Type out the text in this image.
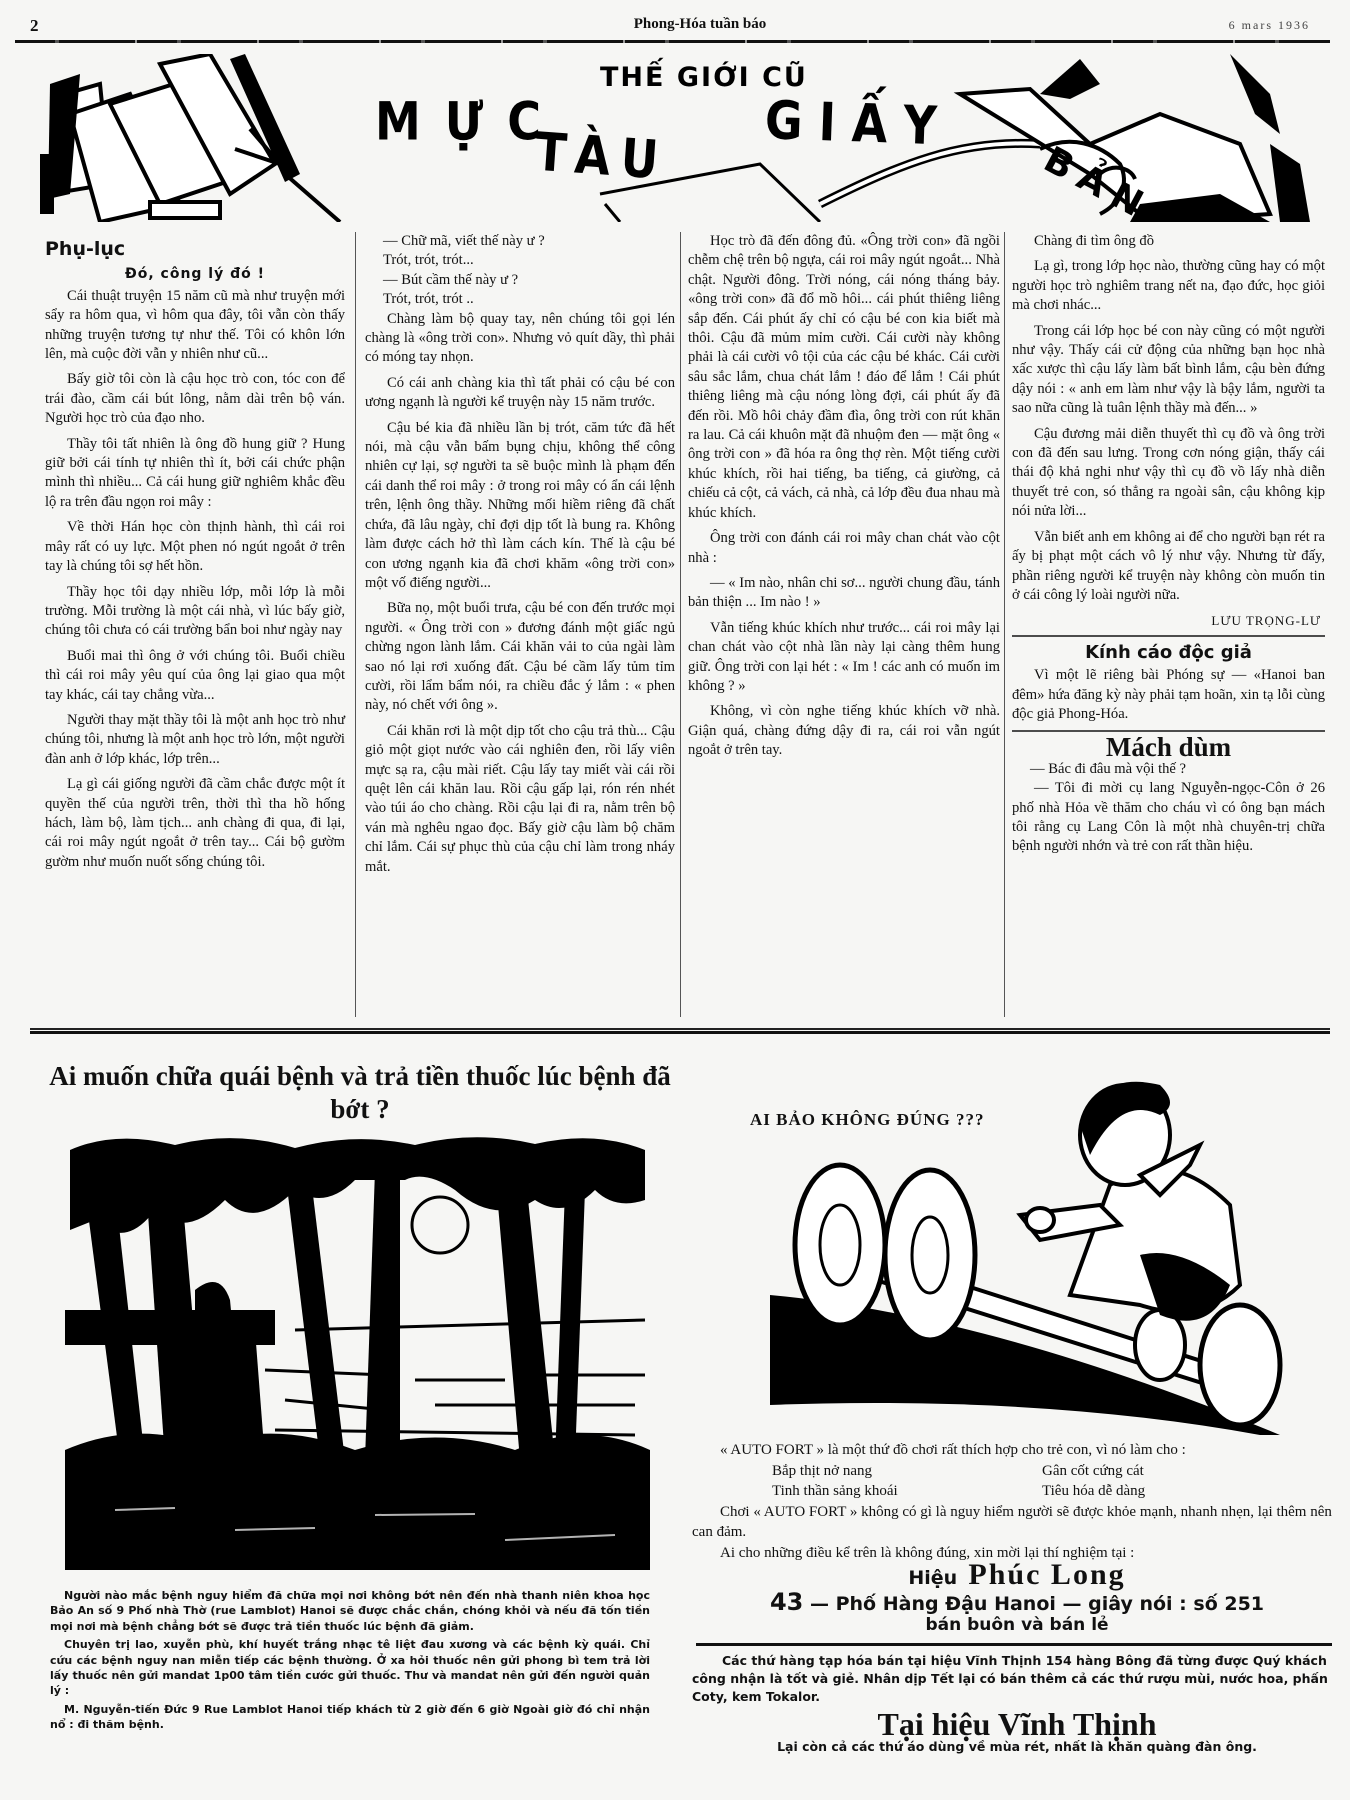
2	Phong-Hóa tuần báo	6 mars 1936
THẾ GIỚI CŨ
MỰC
TÀU GIẤY
BẢN
Phụ-lục
Đó, công lý đó !

Cái thuật truyện 15 năm cũ mà như truyện mới sẩy ra hôm qua, vì hôm qua đây, tôi vẫn còn thấy những truyện tương tự như thế. Tôi có khôn lớn lên, mà cuộc đời vẫn y nhiên như cũ...

Bấy giờ tôi còn là cậu học trò con, tóc con để trái đào, cầm cái bút lông, nằm dài trên bộ ván. Người học trò của đạo nho.

Thầy tôi tất nhiên là ông đồ hung giữ ? Hung giữ bởi cái tính tự nhiên thì ít, bởi cái chức phận mình thì nhiều... Cả cái hung giữ nghiêm khắc đều lộ ra trên đầu ngọn roi mây :

Về thời Hán học còn thịnh hành, thì cái roi mây rất có uy lực. Một phen nó ngút ngoắt ở trên tay là chúng tôi sợ hết hồn.

Thầy học tôi dạy nhiều lớp, mỗi lớp là mỗi trường. Mỗi trường là một cái nhà, vì lúc bấy giờ, chúng tôi chưa có cái trường bẩn boi như ngày nay

Buổi mai thì ông ở với chúng tôi. Buổi chiều thì cái roi mây yêu quí của ông lại giao qua một tay khác, cái tay chẳng vừa...

Người thay mặt thầy tôi là một anh học trò như chúng tôi, nhưng là một anh học trò lớn, một người đàn anh ở lớp khác, lớp trên...

Lạ gì cái giống người đã cầm chắc được một ít quyền thế của người trên, thời thì tha hồ hống hách, làm bộ, làm tịch... anh chàng đi qua, đi lại, cái roi mây ngút ngoắt ở trên tay... Cái bộ gườm gườm như muốn nuốt sống chúng tôi.

— Chữ mã, viết thế này ư ?

Trót, trót, trót...

— Bút cầm thế này ư ?

Trót, trót, trót ..

Chàng làm bộ quay tay, nên chúng tôi gọi lén chàng là «ông trời con». Nhưng vỏ quít dầy, thì phải có móng tay nhọn.

Có cái anh chàng kia thì tất phải có cậu bé con ương ngạnh là người kể truyện này 15 năm trước.

Cậu bé kia đã nhiều lần bị trót, căm tức đã hết nói, mà cậu vẫn bấm bụng chịu, không thể công nhiên cự lại, sợ người ta sẽ buộc mình là phạm đến cái danh thể roi mây : ở trong roi mây có ẩn cái lệnh trên, lệnh ông thầy. Những mối hiềm riêng đã chất chứa, đã lâu ngày, chỉ đợi dịp tốt là bung ra. Không làm được cách hở thì làm cách kín. Thế là cậu bé con ương ngạnh kia đã chơi khăm «ông trời con» một vố điếng người...

Bữa nọ, một buổi trưa, cậu bé con đến trước mọi người. « Ông trời con » đương đánh một giấc ngủ chừng ngon lành lắm. Cái khăn vải to của ngài làm sao nó lại rơi xuống đất. Cậu bé cầm lấy tủm tỉm cười, rồi lẩm bẩm nói, ra chiều đắc ý lắm : « phen này, nó chết với ông ».

Cái khăn rơi là một dịp tốt cho cậu trả thù... Cậu giỏ một giọt nước vào cái nghiên đen, rồi lấy viên mực sạ ra, cậu mài riết. Cậu lấy tay miết vài cái rồi quệt lên cái khăn lau. Rồi cậu gấp lại, rón rén nhét vào túi áo cho chàng. Rồi cậu lại đi ra, nằm trên bộ ván mà nghêu ngao đọc. Bấy giờ cậu làm bộ chăm chỉ lắm. Cái sự phục thù của cậu chỉ làm trong nháy mắt.

Học trò đã đến đông đủ. «Ông trời con» đã ngồi chễm chệ trên bộ ngựa, cái roi mây ngút ngoắt... Nhà chật. Người đông. Trời nóng, cái nóng tháng bảy. «ông trời con» đã đổ mồ hôi... cái phút thiêng liêng sắp đến. Cái phút ấy chỉ có cậu bé con kia biết mà thôi. Cậu đã mủm mỉm cười. Cái cười này không phải là cái cười vô tội của các cậu bé khác. Cái cười sâu sắc lắm, chua chát lắm ! đáo để lắm ! Cái phút thiêng liêng mà cậu nóng lòng đợi, cái phút ấy đã đến rồi. Mồ hôi chảy đầm đìa, ông trời con rút khăn ra lau. Cả cái khuôn mặt đã nhuộm đen — mặt ông « ông trời con » đã hóa ra ông thợ rèn. Một tiếng cười khúc khích, rồi hai tiếng, ba tiếng, cả giường, cả chiếu cả cột, cả vách, cả nhà, cả lớp đều đua nhau mà khúc khích.

Ông trời con đánh cái roi mây chan chát vào cột nhà :

— « Im nào, nhân chi sơ... người chung đầu, tánh bản thiện ... Im nào ! »

Vẫn tiếng khúc khích như trước... cái roi mây lại chan chát vào cột nhà lần này lại càng thêm hung giữ. Ông trời con lại hét : « Im ! các anh có muốn im không ? »

Không, vì còn nghe tiếng khúc khích vỡ nhà. Giận quá, chàng đứng dậy đi ra, cái roi vẫn ngút ngoắt ở trên tay.

Chàng đi tìm ông đồ

Lạ gì, trong lớp học nào, thường cũng hay có một người học trò nghiêm trang nết na, đạo đức, học giỏi mà chơi nhác...

Trong cái lớp học bé con này cũng có một người như vậy. Thấy cái cử động của những bạn học nhà xấc xược thì cậu lấy làm bất bình lắm, cậu bèn đứng dậy nói : « anh em làm như vậy là bậy lắm, người ta sao nữa cũng là tuân lệnh thầy mà đến... »

Cậu đương mải diễn thuyết thì cụ đồ và ông trời con đã đến sau lưng. Trong cơn nóng giận, thấy cái thái độ khả nghi như vậy thì cụ đồ vồ lấy nhà diễn thuyết trẻ con, só thẳng ra ngoài sân, cậu không kịp nói nửa lời...

Vẫn biết anh em không ai để cho người bạn rét ra ấy bị phạt một cách vô lý như vậy. Nhưng từ đấy, phần riêng người kể truyện này không còn muốn tin ở cái công lý loài người nữa.

LƯU TRỌNG-LƯ
Kính cáo độc giả

Vì một lẽ riêng bài Phóng sự — «Hanoi ban đêm» hứa đăng kỳ này phải tạm hoãn, xin tạ lỗi cùng độc giả Phong-Hóa.

Mách dùm

— Bác đi đâu mà vội thế ?

— Tôi đi mời cụ lang Nguyễn-ngọc-Côn ở 26 phố nhà Hỏa về thăm cho cháu vì có ông bạn mách tôi rằng cụ Lang Côn là một nhà chuyên-trị chữa bệnh người nhớn và trẻ con rất thần hiệu.

Ai muốn chữa quái bệnh và trả tiền thuốc lúc bệnh đã bớt ?

Người nào mắc bệnh nguy hiểm đã chữa mọi nơi không bớt nên đến nhà thanh niên khoa học Bảo An số 9 Phố nhà Thờ (rue Lamblot) Hanoi sẽ được chắc chắn, chóng khỏi và nếu đã tốn tiền mọi nơi mà bệnh chẳng bớt sẽ được trả tiền thuốc lúc bệnh đã giảm.

Chuyên trị lao, xuyễn phù, khí huyết trắng nhạc tê liệt đau xương và các bệnh kỳ quái. Chỉ cứu các bệnh nguy nan miễn tiếp các bệnh thường. Ở xa hỏi thuốc nên gửi phong bì tem trả lời lấy thuốc nên gửi mandat 1p00 tâm tiền cước gửi thuốc. Thư và mandat nên gửi đến người quản lý :

M. Nguyễn-tiến Đức 9 Rue Lamblot Hanoi tiếp khách từ 2 giờ đến 6 giờ Ngoài giờ đó chỉ nhận nổ : đi thăm bệnh.

AI BẢO KHÔNG ĐÚNG ???

« AUTO FORT » là một thứ đồ chơi rất thích hợp cho trẻ con, vì nó làm cho :

Bắp thịt nở nang	Gân cốt cứng cát
Tinh thần sảng khoái	Tiêu hóa dễ dàng

Chơi « AUTO FORT » không có gì là nguy hiểm người sẽ được khỏe mạnh, nhanh nhẹn, lại thêm nên can đảm.

Ai cho những điều kể trên là không đúng, xin mời lại thí nghiệm tại :

Hiệu Phúc Long
43 — Phố Hàng Đậu Hanoi — giây nói : số 251
bán buôn và bán lẻ

Các thứ hàng tạp hóa bán tại hiệu Vĩnh Thịnh 154 hàng Bông đã từng được Quý khách công nhận là tốt và giẻ. Nhân dịp Tết lại có bán thêm cả các thứ rượu mùi, nước hoa, phấn Coty, kem Tokalor.

Tại hiệu Vĩnh Thịnh
Lại còn cả các thứ áo dùng về mùa rét, nhất là khăn quàng đàn ông.
